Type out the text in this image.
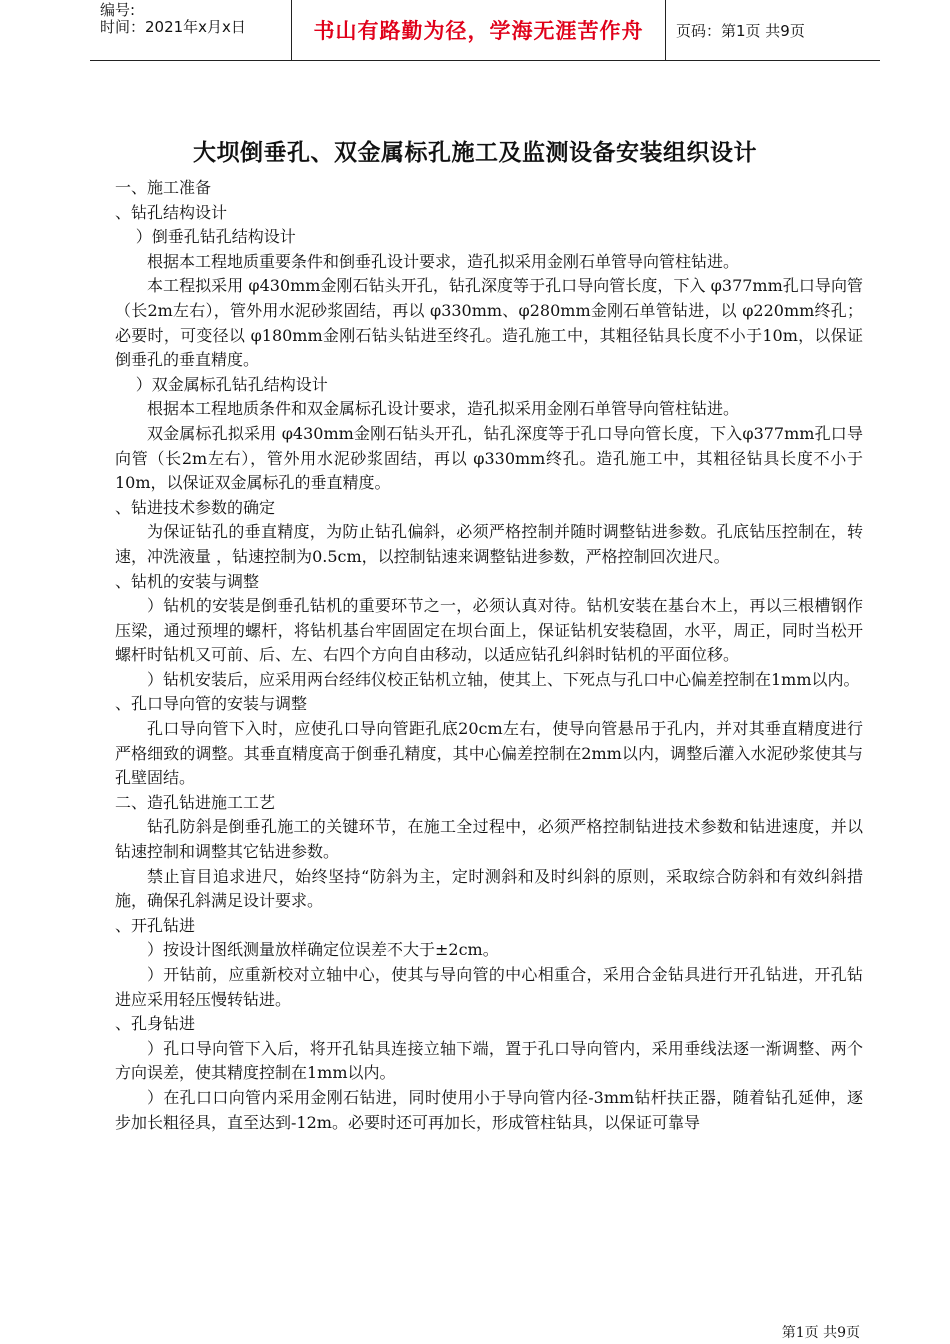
编号:
时间：2021年x月x日	书山有路勤为径，学海无涯苦作舟	页码：第1页 共9页
大坝倒垂孔、双金属标孔施工及监测设备安装组织设计

一、施工准备

、钻孔结构设计

）倒垂孔钻孔结构设计

根据本工程地质重要条件和倒垂孔设计要求，造孔拟采用金刚石单管导向管柱钻进。

本工程拟采用 φ430mm金刚石钻头开孔，钻孔深度等于孔口导向管长度，下入 φ377mm孔口导向管（长2m左右），管外用水泥砂浆固结，再以 φ330mm、φ280mm金刚石单管钻进，以 φ220mm终孔；必要时，可变径以 φ180mm金刚石钻头钻进至终孔。造孔施工中，其粗径钻具长度不小于10m，以保证倒垂孔的垂直精度。

）双金属标孔钻孔结构设计

根据本工程地质条件和双金属标孔设计要求，造孔拟采用金刚石单管导向管柱钻进。

双金属标孔拟采用 φ430mm金刚石钻头开孔，钻孔深度等于孔口导向管长度，下入φ377mm孔口导向管（长2m左右），管外用水泥砂浆固结，再以 φ330mm终孔。造孔施工中，其粗径钻具长度不小于10m，以保证双金属标孔的垂直精度。

、钻进技术参数的确定

为保证钻孔的垂直精度，为防止钻孔偏斜，必须严格控制并随时调整钻进参数。孔底钻压控制在，转速，冲洗液量 ，钻速控制为0.5cm，以控制钻速来调整钻进参数，严格控制回次进尺。

、钻机的安装与调整

）钻机的安装是倒垂孔钻机的重要环节之一，必须认真对待。钻机安装在基台木上，再以三根槽钢作压梁，通过预埋的螺杆，将钻机基台牢固固定在坝台面上，保证钻机安装稳固，水平，周正，同时当松开螺杆时钻机又可前、后、左、右四个方向自由移动，以适应钻孔纠斜时钻机的平面位移。

）钻机安装后，应采用两台经纬仪校正钻机立轴，使其上、下死点与孔口中心偏差控制在1mm以内。

、孔口导向管的安装与调整

孔口导向管下入时，应使孔口导向管距孔底20cm左右，使导向管悬吊于孔内，并对其垂直精度进行严格细致的调整。其垂直精度高于倒垂孔精度，其中心偏差控制在2mm以内，调整后灌入水泥砂浆使其与孔壁固结。

二、造孔钻进施工工艺

钻孔防斜是倒垂孔施工的关键环节，在施工全过程中，必须严格控制钻进技术参数和钻进速度，并以钻速控制和调整其它钻进参数。

禁止盲目追求进尺，始终坚持“防斜为主，定时测斜和及时纠斜的原则，采取综合防斜和有效纠斜措施，确保孔斜满足设计要求。

、开孔钻进

）按设计图纸测量放样确定位误差不大于±2cm。

）开钻前，应重新校对立轴中心，使其与导向管的中心相重合，采用合金钻具进行开孔钻进，开孔钻进应采用轻压慢转钻进。

、孔身钻进

）孔口导向管下入后，将开孔钻具连接立轴下端，置于孔口导向管内，采用垂线法逐一渐调整、两个方向误差，使其精度控制在1mm以内。

）在孔口口向管内采用金刚石钻进，同时使用小于导向管内径-3mm钻杆扶正器，随着钻孔延伸，逐步加长粗径具，直至达到-12m。必要时还可再加长，形成管柱钻具，以保证可靠导

第1页 共9页
